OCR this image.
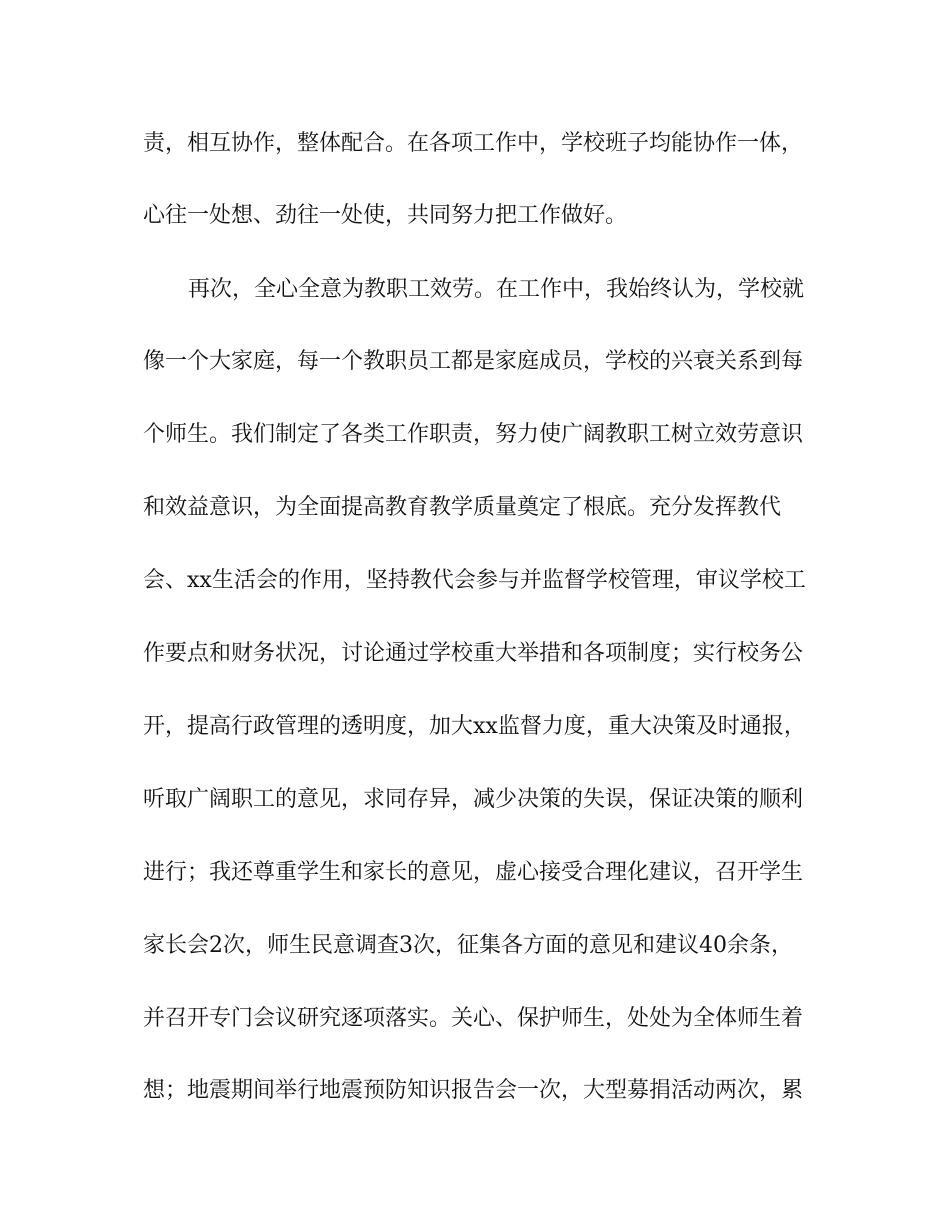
责，相互协作，整体配合。在各项工作中，学校班子均能协作一体，
心往一处想、劲往一处使，共同努力把工作做好。
再次，全心全意为教职工效劳。在工作中，我始终认为，学校就
像一个大家庭，每一个教职员工都是家庭成员，学校的兴衰关系到每
个师生。我们制定了各类工作职责，努力使广阔教职工树立效劳意识
和效益意识，为全面提高教育教学质量奠定了根底。充分发挥教代
会、xx生活会的作用，坚持教代会参与并监督学校管理，审议学校工
作要点和财务状况，讨论通过学校重大举措和各项制度；实行校务公
开，提高行政管理的透明度，加大xx监督力度，重大决策及时通报，
听取广阔职工的意见，求同存异，减少决策的失误，保证决策的顺利
进行；我还尊重学生和家长的意见，虚心接受合理化建议，召开学生
家长会2次，师生民意调查3次，征集各方面的意见和建议40余条，
并召开专门会议研究逐项落实。关心、保护师生，处处为全体师生着
想；地震期间举行地震预防知识报告会一次，大型募捐活动两次，累
